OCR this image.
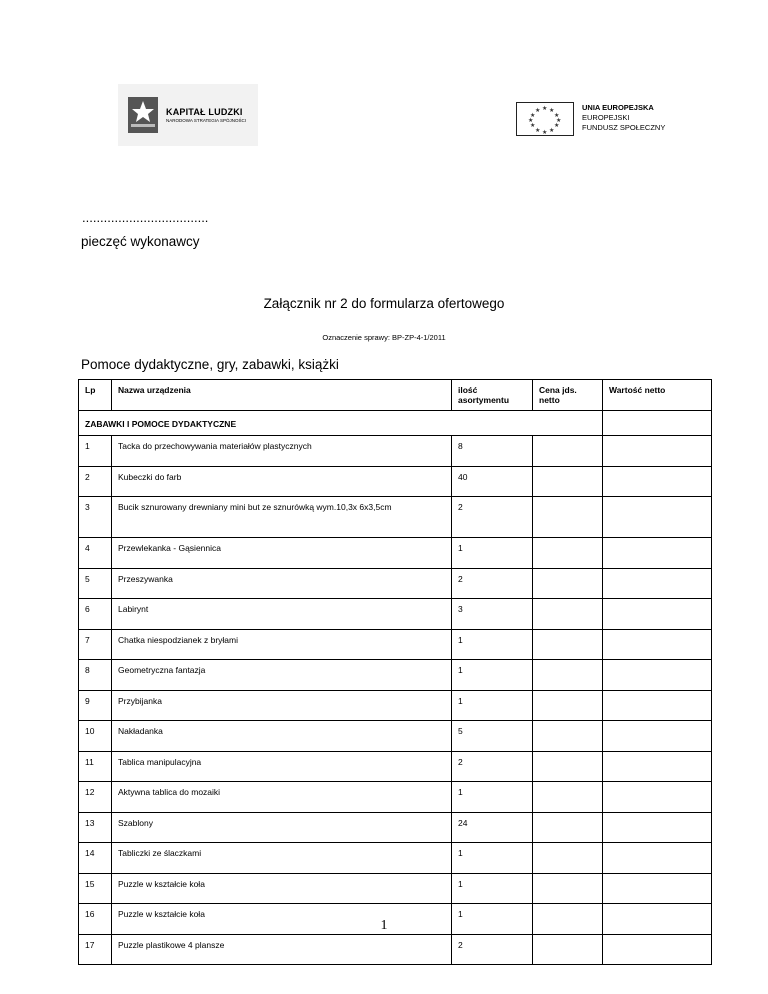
KAPITAŁ LUDZKI
NARODOWA STRATEGIA SPÓJNOŚCI
★ ★
★
★
★
★
★
★
★
★
★
★	UNIA EUROPEJSKA
EUROPEJSKI
FUNDUSZ SPOŁECZNY
...................................
pieczęć wykonawcy
Załącznik nr 2 do formularza ofertowego
Oznaczenie sprawy: BP-ZP-4-1/2011
Pomoce dydaktyczne, gry, zabawki, książki
Lp	Nazwa urządzenia	ilość asortymentu	Cena jds. netto	Wartość netto
ZABAWKI I POMOCE DYDAKTYCZNE				
1	Tacka do przechowywania materiałów plastycznych	8		
2	Kubeczki do farb	40		
3	Bucik sznurowany drewniany mini but ze sznurówką wym.10,3x 6x3,5cm	2		
4	Przewlekanka - Gąsiennica	1		
5	Przeszywanka	2		
6	Labirynt	3		
7	Chatka niespodzianek z bryłami	1		
8	Geometryczna fantazja	1		
9	Przybijanka	1		
10	Nakładanka	5		
11	Tablica manipulacyjna	2		
12	Aktywna tablica do mozaiki	1		
13	Szablony	24		
14	Tabliczki ze ślaczkami	1		
15	Puzzle w kształcie koła	1		
16	Puzzle w kształcie koła	1		
17	Puzzle plastikowe 4 plansze	2		
1
